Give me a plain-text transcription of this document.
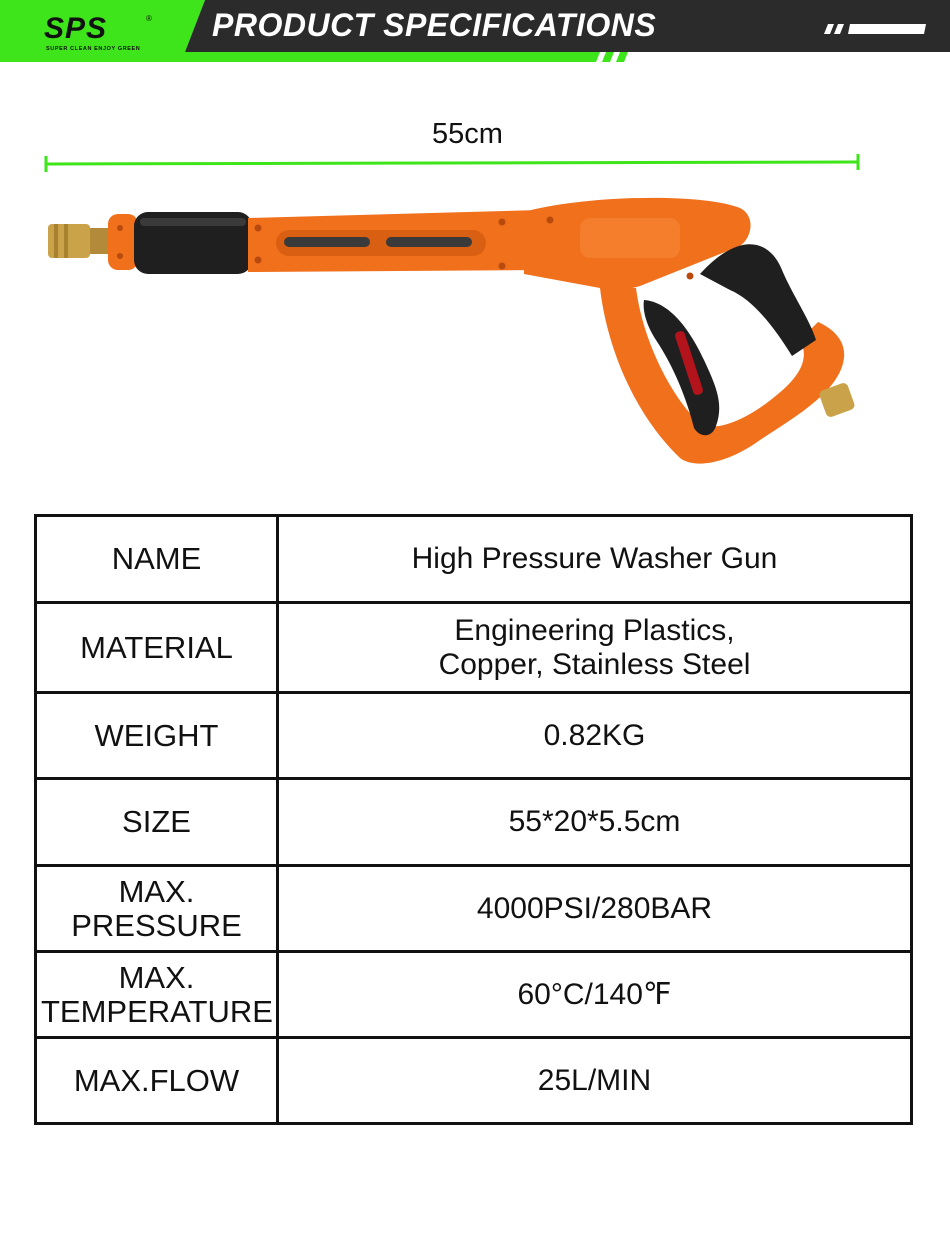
SPS	®
SUPER CLEAN ENJOY GREEN
PRODUCT SPECIFICATIONS
55cm
NAME	High Pressure Washer Gun
MATERIAL	Engineering Plastics,
Copper, Stainless Steel
WEIGHT	0.82KG
SIZE	55*20*5.5cm
MAX.
PRESSURE	4000PSI/280BAR
MAX.
TEMPERATURE	60°C/140℉
MAX.FLOW	25L/MIN
